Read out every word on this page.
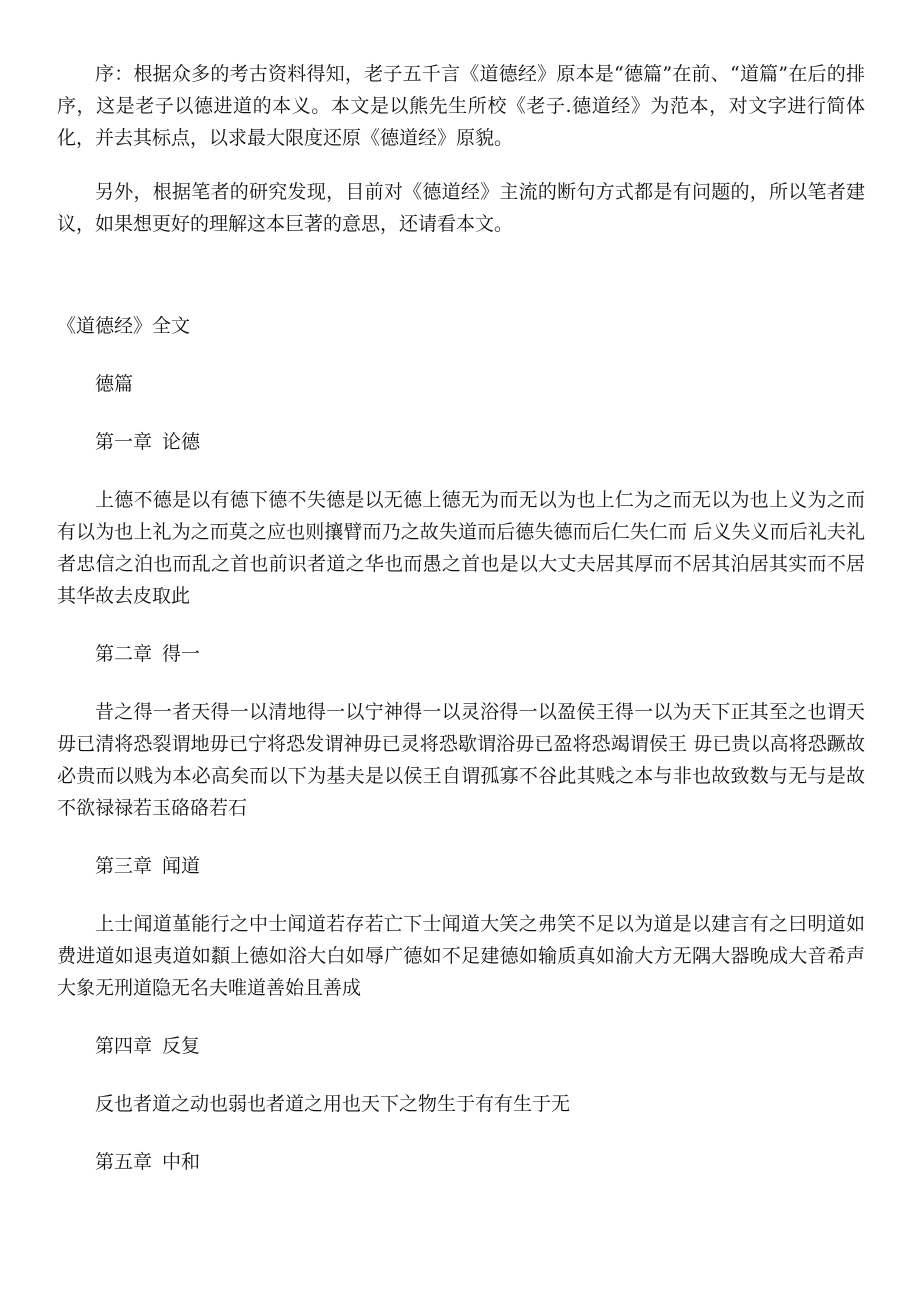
序：根据众多的考古资料得知，老子五千言《道德经》原本是“德篇”在前、“道篇”在后的排序，这是老子以德进道的本义。本文是以熊先生所校《老子.德道经》为范本，对文字进行简体化，并去其标点，以求最大限度还原《德道经》原貌。

另外，根据笔者的研究发现，目前对《德道经》主流的断句方式都是有问题的，所以笔者建议，如果想更好的理解这本巨著的意思，还请看本文。

《道德经》全文

德篇

第一章 论德

上德不德是以有德下德不失德是以无德上德无为而无以为也上仁为之而无以为也上义为之而有以为也上礼为之而莫之应也则攘臂而乃之故失道而后德失德而后仁失仁而 后义失义而后礼夫礼者忠信之泊也而乱之首也前识者道之华也而愚之首也是以大丈夫居其厚而不居其泊居其实而不居其华故去皮取此

第二章 得一

昔之得一者天得一以清地得一以宁神得一以灵浴得一以盈侯王得一以为天下正其至之也谓天毋已清将恐裂谓地毋已宁将恐发谓神毋已灵将恐歇谓浴毋已盈将恐竭谓侯王 毋已贵以高将恐蹶故必贵而以贱为本必高矣而以下为基夫是以侯王自谓孤寡不谷此其贱之本与非也故致数与无与是故不欲禄禄若玉硌硌若石

第三章 闻道

上士闻道堇能行之中士闻道若存若亡下士闻道大笑之弗笑不足以为道是以建言有之曰明道如费进道如退夷道如纇上德如浴大白如辱广德如不足建德如输质真如渝大方无隅大器晚成大音希声大象无刑道隐无名夫唯道善始且善成

第四章 反复

反也者道之动也弱也者道之用也天下之物生于有有生于无

第五章 中和
